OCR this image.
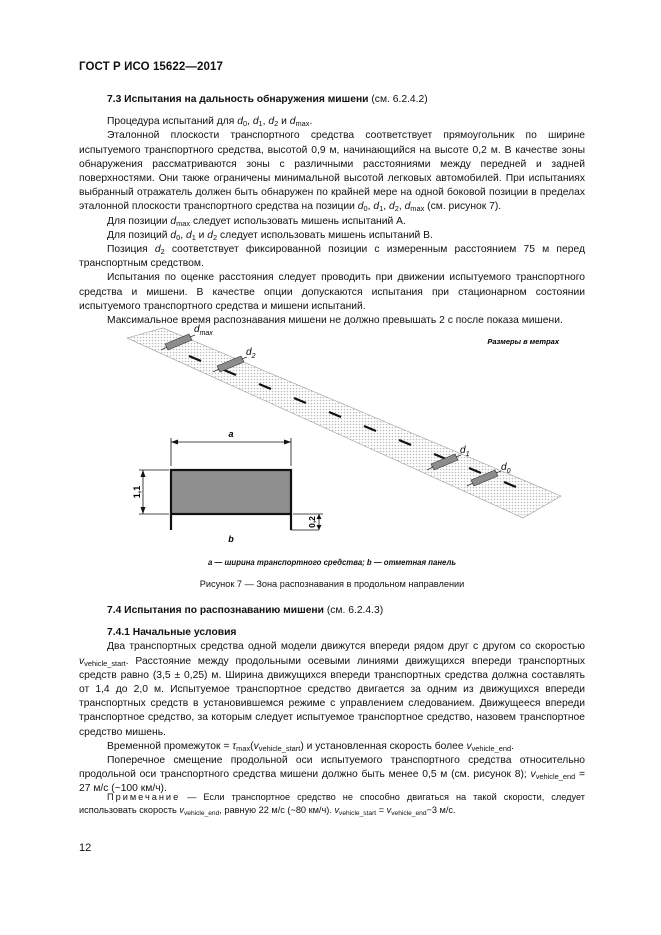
ГОСТ Р ИСО 15622—2017

7.3 Испытания на дальность обнаружения мишени (см. 6.2.4.2)

Процедура испытаний для $d_0$, $d_1$, $d_2$ и $d_{max}$.

Эталонной плоскости транспортного средства соответствует прямоугольник по ширине испытуемого транспортного средства, высотой 0,9 м, начинающийся на высоте 0,2 м. В качестве зоны обнаружения рассматриваются зоны с различными расстояниями между передней и задней поверхностями. Они также ограничены минимальной высотой легковых автомобилей. При испытаниях выбранный отражатель должен быть обнаружен по крайней мере на одной боковой позиции в пределах эталонной плоскости транспортного средства на позиции $d_0$, $d_1$, $d_2$, $d_{max}$ (см. рисунок 7).

Для позиции $d_{max}$ следует использовать мишень испытаний A.

Для позиций $d_0$, $d_1$ и $d_2$ следует использовать мишень испытаний B.

Позиция $d_2$ соответствует фиксированной позиции с измеренным расстоянием 75 м перед транспортным средством.

Испытания по оценке расстояния следует проводить при движении испытуемого транспортного средства и мишени. В качестве опции допускаются испытания при стационарном состоянии испытуемого транспортного средства и мишени испытаний.

Максимальное время распознавания мишени не должно превышать 2 с после показа мишени.

$d_{max}$
$d_2$
$d_1$
$d_0$
Размеры в метрах
a
1,1
0,2
b
a — ширина транспортного средства; b — отметная панель
Рисунок 7 — Зона распознавания в продольном направлении

7.4 Испытания по распознаванию мишени (см. 6.2.4.3)

7.4.1 Начальные условия

Два транспортных средства одной модели движутся впереди рядом друг с другом со скоростью $v_{vehicle\_start}$. Расстояние между продольными осевыми линиями движущихся впереди транспортных средств равно (3,5 ± 0,25) м. Ширина движущихся впереди транспортных средства должна составлять от 1,4 до 2,0 м. Испытуемое транспортное средство двигается за одним из движущихся впереди транспортных средств в установившемся режиме с управлением следованием. Движущееся впереди транспортное средство, за которым следует испытуемое транспортное средство, назовем транспортное средство мишень.

Временной промежуток = $\tau_{max}(v_{vehicle\_start})$ и установленная скорость более $v_{vehicle\_end}$.

Поперечное смещение продольной оси испытуемого транспортного средства относительно продольной оси транспортного средства мишени должно быть менее 0,5 м (см. рисунок 8); $v_{vehicle\_end} = 27$ м/с (~100 км/ч).

Примечание — Если транспортное средство не способно двигаться на такой скорости, следует использовать скорость $v_{vehicle\_end}$, равную 22 м/с (~80 км/ч). $v_{vehicle\_start} = v_{vehicle\_end}-3$ м/с.

12
